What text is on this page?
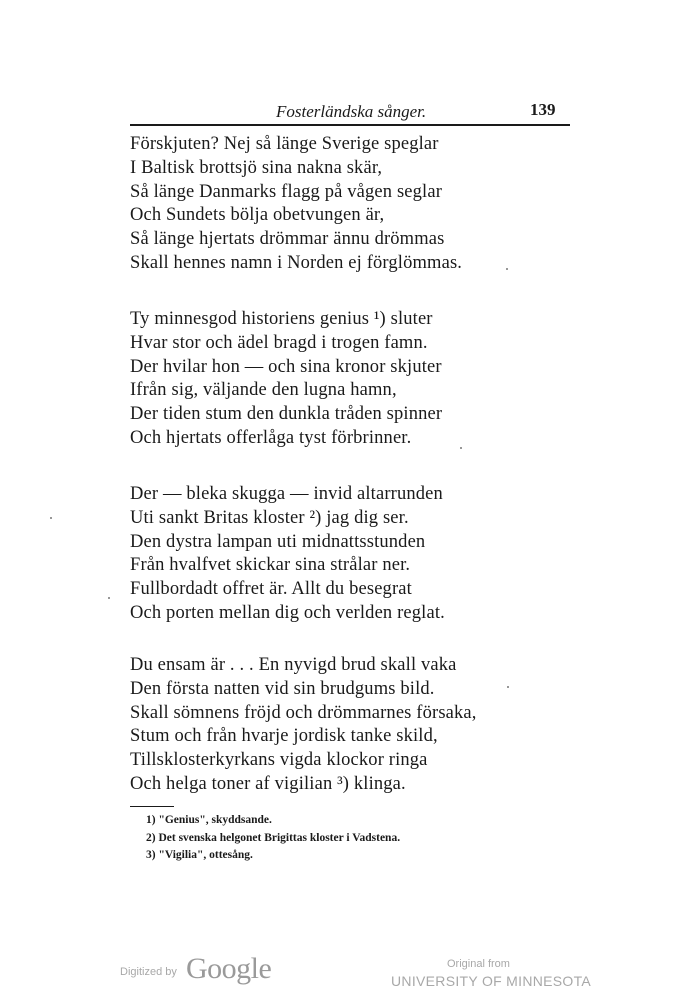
Fosterländska sånger.	139
Förskjuten? Nej så länge Sverige speglar
I Baltisk brottsjö sina nakna skär,
Så länge Danmarks flagg på vågen seglar
Och Sundets bölja obetvungen är,
Så länge hjertats drömmar ännu drömmas
Skall hennes namn i Norden ej förglömmas.
Ty minnesgod historiens genius ¹) sluter
Hvar stor och ädel bragd i trogen famn.
Der hvilar hon — och sina kronor skjuter
Ifrån sig, väljande den lugna hamn,
Der tiden stum den dunkla tråden spinner
Och hjertats offerlåga tyst förbrinner.
Der — bleka skugga — invid altarrunden
Uti sankt Britas kloster ²) jag dig ser.
Den dystra lampan uti midnattsstunden
Från hvalfvet skickar sina strålar ner.
Fullbordadt offret är. Allt du besegrat
Och porten mellan dig och verlden reglat.
Du ensam är . . . En nyvigd brud skall vaka
Den första natten vid sin brudgums bild.
Skall sömnens fröjd och drömmarnes försaka,
Stum och från hvarje jordisk tanke skild,
Tillsklosterkyrkans vigda klockor ringa
Och helga toner af vigilian ³) klinga.
1) "Genius", skyddsande.
2) Det svenska helgonet Brigittas kloster i Vadstena.
3) "Vigilia", ottesång.
Digitized by Google	Original from
UNIVERSITY OF MINNESOTA
